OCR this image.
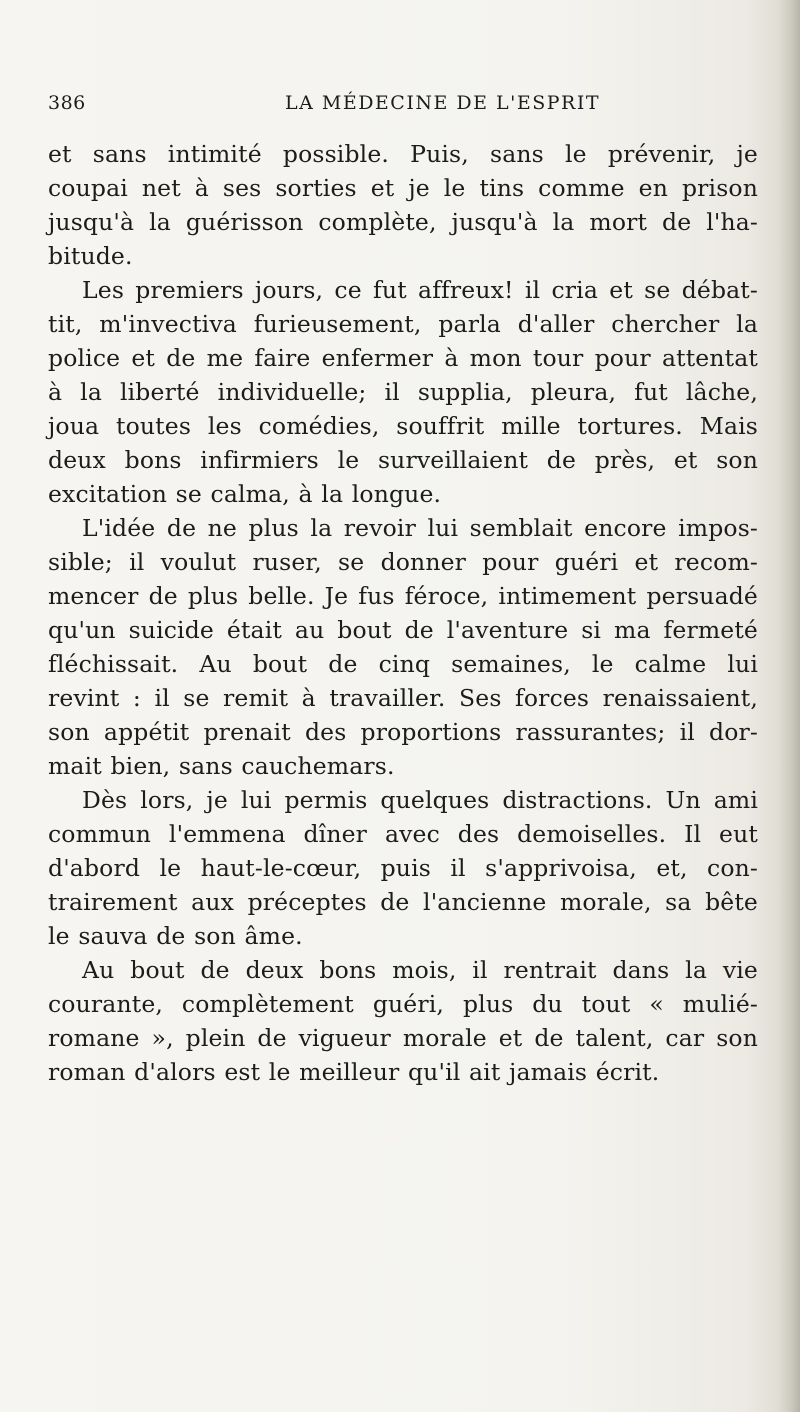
386	LA MÉDECINE DE L'ESPRIT
et sans intimité possible. Puis, sans le prévenir, je
coupai net à ses sorties et je le tins comme en prison
jusqu'à la guérisson complète, jusqu'à la mort de l'ha-
bitude.
Les premiers jours, ce fut affreux! il cria et se débat-
tit, m'invectiva furieusement, parla d'aller chercher la
police et de me faire enfermer à mon tour pour attentat
à la liberté individuelle; il supplia, pleura, fut lâche,
joua toutes les comédies, souffrit mille tortures. Mais
deux bons infirmiers le surveillaient de près, et son
excitation se calma, à la longue.
L'idée de ne plus la revoir lui semblait encore impos-
sible; il voulut ruser, se donner pour guéri et recom-
mencer de plus belle. Je fus féroce, intimement persuadé
qu'un suicide était au bout de l'aventure si ma fermeté
fléchissait. Au bout de cinq semaines, le calme lui
revint : il se remit à travailler. Ses forces renaissaient,
son appétit prenait des proportions rassurantes; il dor-
mait bien, sans cauchemars.
Dès lors, je lui permis quelques distractions. Un ami
commun l'emmena dîner avec des demoiselles. Il eut
d'abord le haut-le-cœur, puis il s'apprivoisa, et, con-
trairement aux préceptes de l'ancienne morale, sa bête
le sauva de son âme.
Au bout de deux bons mois, il rentrait dans la vie
courante, complètement guéri, plus du tout « mulié-
romane », plein de vigueur morale et de talent, car son
roman d'alors est le meilleur qu'il ait jamais écrit.
